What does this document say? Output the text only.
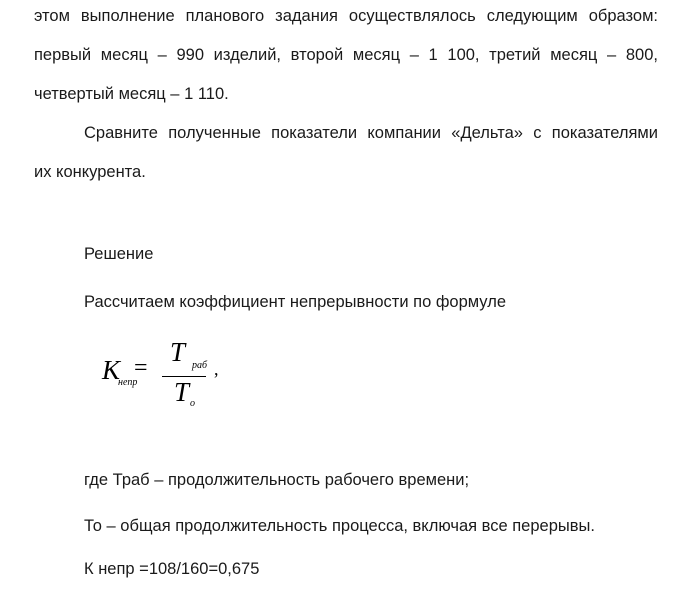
этом выполнение планового задания осуществлялось следующим образом:
первый месяц – 990 изделий, второй месяц – 1 100, третий месяц – 800,
четвертый месяц – 1 110.
Сравните полученные показатели компании «Дельта» с показателями
их конкурента.
Решение
Рассчитаем коэффициент непрерывности по формуле
K
непр
=
T раб
T о
,
где Траб – продолжительность рабочего времени;
То – общая продолжительность процесса, включая все перерывы.
К непр =108/160=0,675
